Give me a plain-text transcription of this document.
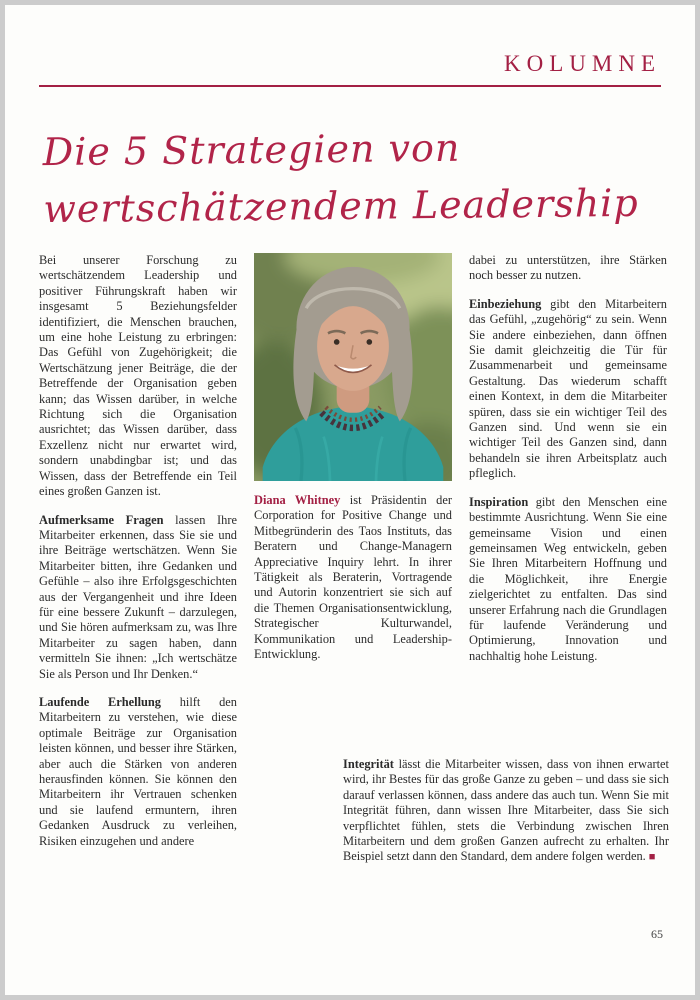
KOLUMNE
Die 5 Strategien von
wertschätzendem Leadership

Bei unserer Forschung zu wertschätzendem Leadership und positiver Führungskraft haben wir insgesamt 5 Beziehungsfelder identifiziert, die Menschen brauchen, um eine hohe Leistung zu erbringen: Das Gefühl von Zugehörigkeit; die Wertschätzung jener Beiträge, die der Betreffende der Organisation geben kann; das Wissen darüber, in welche Richtung sich die Organisation ausrichtet; das Wissen darüber, dass Exzellenz nicht nur erwartet wird, sondern unabdingbar ist; und das Wissen, dass der Betreffende ein Teil eines großen Ganzen ist.

Aufmerksame Fragen lassen Ihre Mitarbeiter erkennen, dass Sie sie und ihre Beiträge wertschätzen. Wenn Sie Mitarbeiter bitten, ihre Gedanken und Gefühle – also ihre Erfolgsgeschichten aus der Vergangenheit und ihre Ideen für eine bessere Zukunft – darzulegen, und Sie hören aufmerksam zu, was Ihre Mitarbeiter zu sagen haben, dann vermitteln Sie ihnen: „Ich wertschätze Sie als Person und Ihr Denken.“

Laufende Erhellung hilft den Mitarbeitern zu verstehen, wie diese optimale Beiträge zur Organisation leisten können, und besser ihre Stärken, aber auch die Stärken von anderen herausfinden können. Sie können den Mitarbeitern ihr Vertrauen schenken und sie laufend ermuntern, ihren Gedanken Ausdruck zu verleihen, Risiken einzugehen und andere

Diana Whitney ist Präsidentin der Corporation for Positive Change und Mitbegründerin des Taos Instituts, das Beratern und Change-Managern Appreciative Inquiry lehrt. In ihrer Tätigkeit als Beraterin, Vortragende und Autorin konzentriert sie sich auf die Themen Organisationsentwicklung, Strategischer Kulturwandel, Kommunikation und Leadership-Entwicklung.

dabei zu unterstützen, ihre Stärken noch besser zu nutzen.

Einbeziehung gibt den Mitarbeitern das Gefühl, „zugehörig“ zu sein. Wenn Sie andere einbeziehen, dann öffnen Sie damit gleichzeitig die Tür für Zusammenarbeit und gemeinsame Gestaltung. Das wiederum schafft einen Kontext, in dem die Mitarbeiter spüren, dass sie ein wichtiger Teil des Ganzen sind. Und wenn sie ein wichtiger Teil des Ganzen sind, dann behandeln sie ihren Arbeitsplatz auch pfleglich.

Inspiration gibt den Menschen eine bestimmte Ausrichtung. Wenn Sie eine gemeinsame Vision und einen gemeinsamen Weg entwickeln, geben Sie Ihren Mitarbeitern Hoffnung und die Möglichkeit, ihre Energie zielgerichtet zu entfalten. Das sind unserer Erfahrung nach die Grundlagen für laufende Veränderung und Optimierung, Innovation und nachhaltig hohe Leistung.

Integrität lässt die Mitarbeiter wissen, dass von ihnen erwartet wird, ihr Bestes für das große Ganze zu geben – und dass sie sich darauf verlassen können, dass andere das auch tun. Wenn Sie mit Integrität führen, dann wissen Ihre Mitarbeiter, dass Sie sich verpflichtet fühlen, stets die Verbindung zwischen Ihren Mitarbeitern und dem großen Ganzen aufrecht zu erhalten. Ihr Beispiel setzt dann den Standard, dem andere folgen werden. ■

65
